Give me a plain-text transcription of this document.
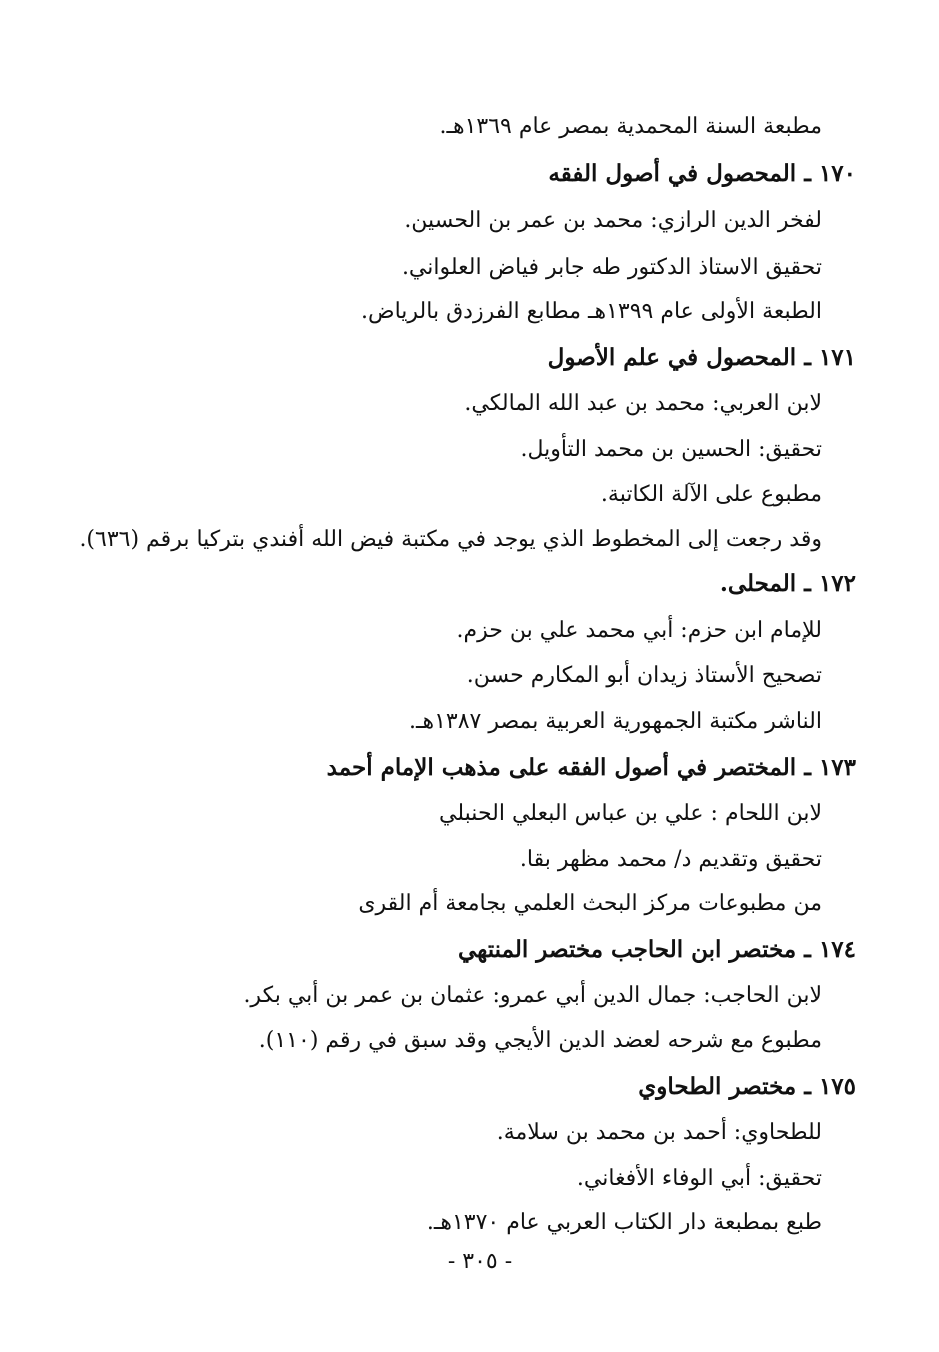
مطبعة السنة المحمدية بمصر عام ١٣٦٩هـ.
١٧٠ ـ المحصول في أصول الفقه
لفخر الدين الرازي: محمد بن عمر بن الحسين.
تحقيق الاستاذ الدكتور طه جابر فياض العلواني.
الطبعة الأولى عام ١٣٩٩هـ مطابع الفرزدق بالرياض.
١٧١ ـ المحصول في علم الأصول
لابن العربي: محمد بن عبد الله المالكي.
تحقيق: الحسين بن محمد التأويل.
مطبوع على الآلة الكاتبة.
وقد رجعت إلى المخطوط الذي يوجد في مكتبة فيض الله أفندي بتركيا برقم (٦٣٦).
١٧٢ ـ المحلى.
للإمام ابن حزم: أبي محمد علي بن حزم.
تصحيح الأستاذ زيدان أبو المكارم حسن.
الناشر مكتبة الجمهورية العربية بمصر ١٣٨٧هـ.
١٧٣ ـ المختصر في أصول الفقه على مذهب الإمام أحمد
لابن اللحام : علي بن عباس البعلي الحنبلي
تحقيق وتقديم د/ محمد مظهر بقا.
من مطبوعات مركز البحث العلمي بجامعة أم القرى
١٧٤ ـ مختصر ابن الحاجب مختصر المنتهي
لابن الحاجب: جمال الدين أبي عمرو: عثمان بن عمر بن أبي بكر.
مطبوع مع شرحه لعضد الدين الأيجي وقد سبق في رقم (١١٠).
١٧٥ ـ مختصر الطحاوي
للطحاوي: أحمد بن محمد بن سلامة.
تحقيق: أبي الوفاء الأفغاني.
طبع بمطبعة دار الكتاب العربي عام ١٣٧٠هـ.
- ٣٠٥ -
